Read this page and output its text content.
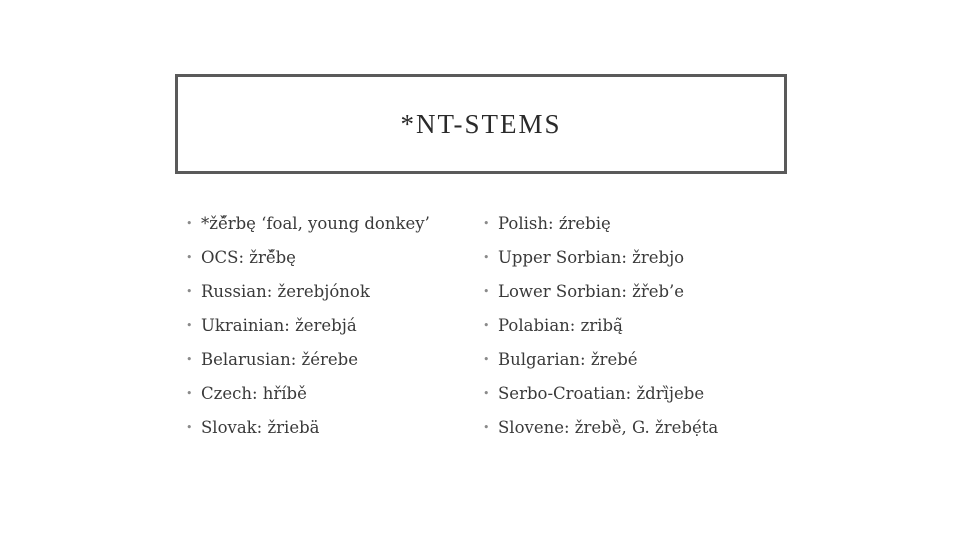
*NT-STEMS
• *žě̋rbę ‘foal, young donkey’
• OCS: žrě̋bę
• Russian: žerebjónok
• Ukrainian: žerebjá
• Belarusian: žérebe
• Czech: hříbě
• Slovak: žriebä
• Polish: źrebię
• Upper Sorbian: žrebjo
• Lower Sorbian: žřeb’e
• Polabian: zribą̃
• Bulgarian: žrebé
• Serbo-Croatian: ždrȉjebe
• Slovene: žrebȅ, G. žrebẹ́ta
